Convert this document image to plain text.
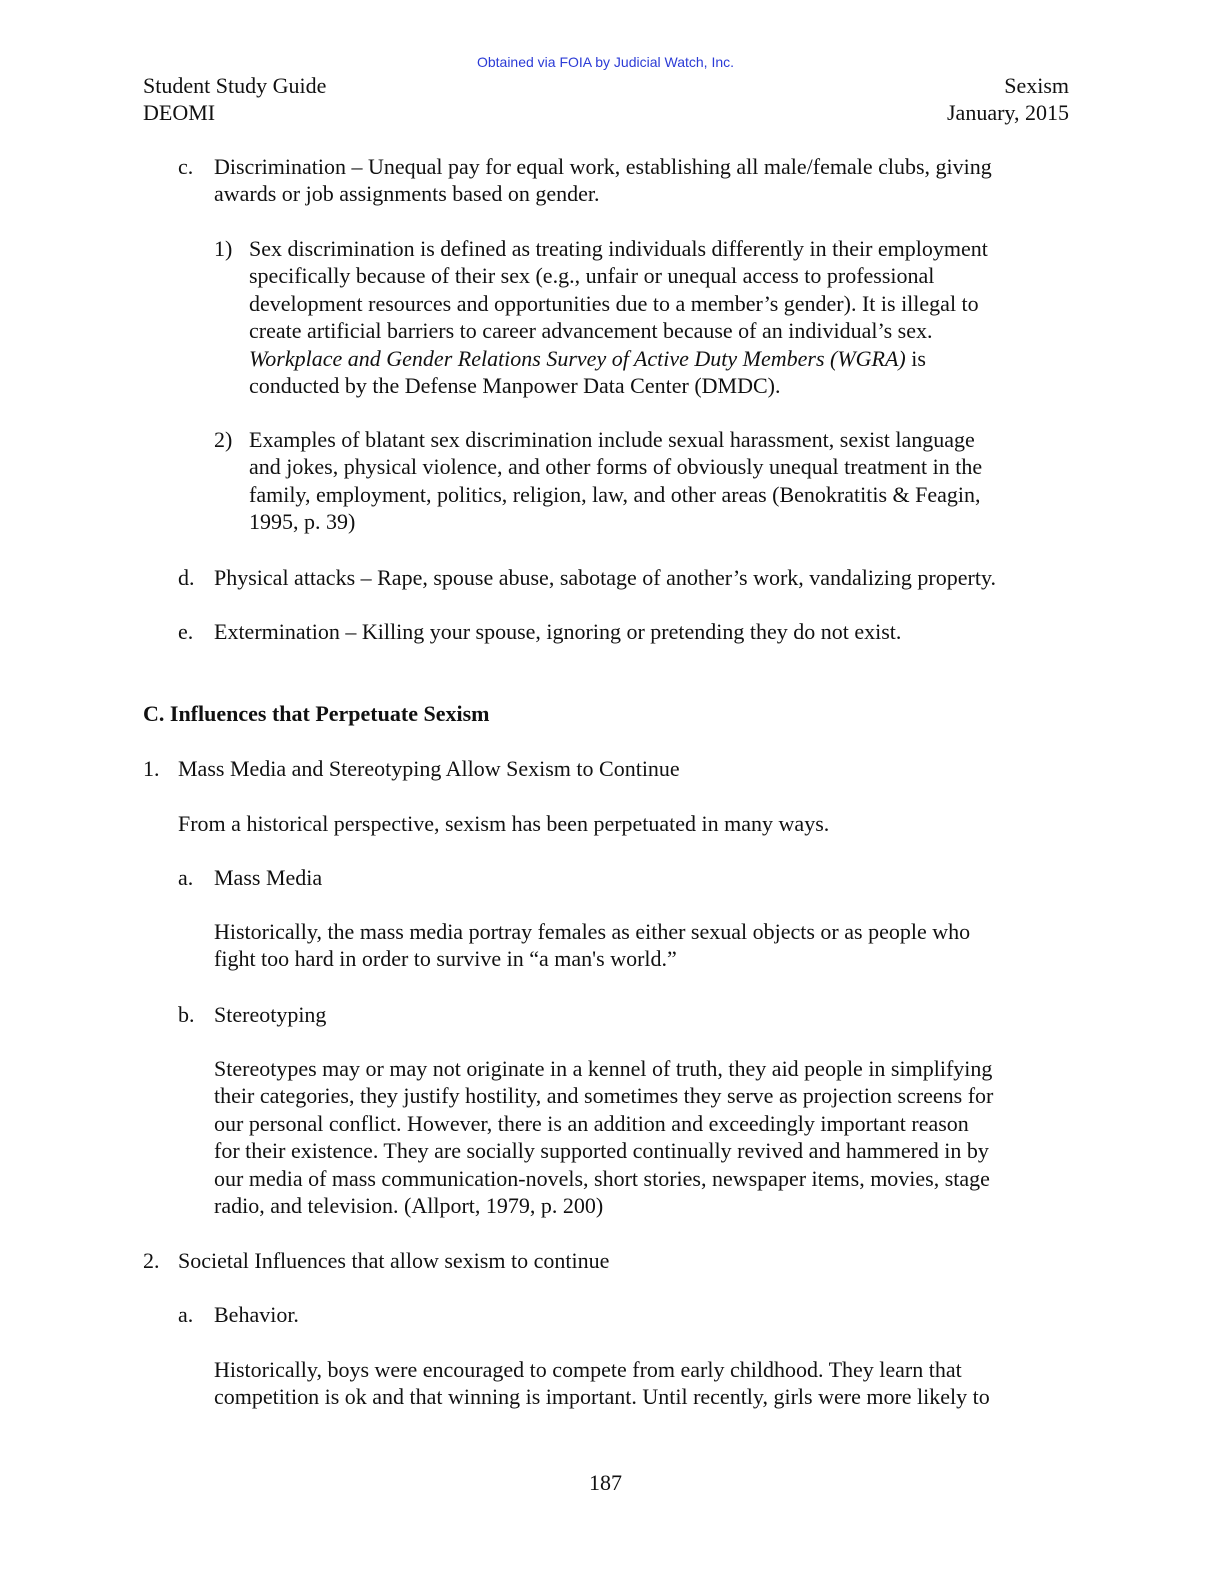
Obtained via FOIA by Judicial Watch, Inc.
Student Study Guide
DEOMI
Sexism
January, 2015
c. Discrimination – Unequal pay for equal work, establishing all male/female clubs, giving
awards or job assignments based on gender.
1) Sex discrimination is defined as treating individuals differently in their employment
specifically because of their sex (e.g., unfair or unequal access to professional
development resources and opportunities due to a member’s gender). It is illegal to
create artificial barriers to career advancement because of an individual’s sex.
Workplace and Gender Relations Survey of Active Duty Members (WGRA) is
conducted by the Defense Manpower Data Center (DMDC).
2) Examples of blatant sex discrimination include sexual harassment, sexist language
and jokes, physical violence, and other forms of obviously unequal treatment in the
family, employment, politics, religion, law, and other areas (Benokratitis & Feagin,
1995, p. 39)
d. Physical attacks – Rape, spouse abuse, sabotage of another’s work, vandalizing property.
e. Extermination – Killing your spouse, ignoring or pretending they do not exist.
C. Influences that Perpetuate Sexism
1. Mass Media and Stereotyping Allow Sexism to Continue
From a historical perspective, sexism has been perpetuated in many ways.
a. Mass Media
Historically, the mass media portray females as either sexual objects or as people who
fight too hard in order to survive in “a man's world.”
b. Stereotyping
Stereotypes may or may not originate in a kennel of truth, they aid people in simplifying
their categories, they justify hostility, and sometimes they serve as projection screens for
our personal conflict. However, there is an addition and exceedingly important reason
for their existence. They are socially supported continually revived and hammered in by
our media of mass communication-novels, short stories, newspaper items, movies, stage
radio, and television. (Allport, 1979, p. 200)
2. Societal Influences that allow sexism to continue
a. Behavior.
Historically, boys were encouraged to compete from early childhood. They learn that
competition is ok and that winning is important. Until recently, girls were more likely to
187
